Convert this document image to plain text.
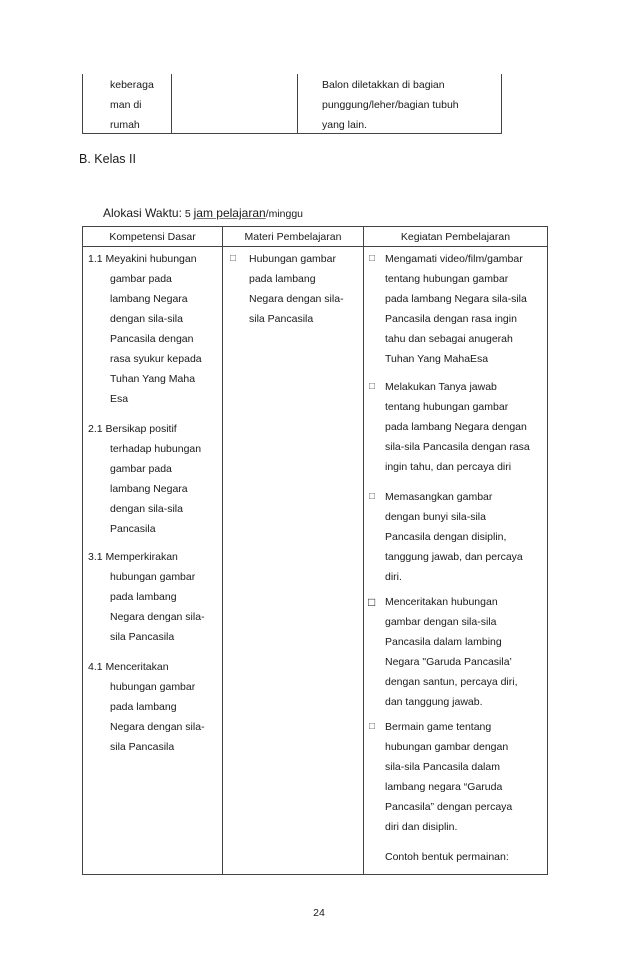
keberaga
man di
rumah
Balon diletakkan di bagian
punggung/leher/bagian tubuh
yang lain.
B. Kelas II

Alokasi Waktu: 5 jam pelajaran/minggu

Kompetensi Dasar	Materi Pembelajaran	Kegiatan Pembelajaran
1.1 Meyakini hubungan
gambar pada
lambang Negara
dengan sila-sila
Pancasila dengan
rasa syukur kepada
Tuhan Yang Maha
Esa
2.1 Bersikap positif
terhadap hubungan
gambar pada
lambang Negara
dengan sila-sila
Pancasila
3.1 Memperkirakan
hubungan gambar
pada lambang
Negara dengan sila-
sila Pancasila
4.1 Menceritakan
hubungan gambar
pada lambang
Negara dengan sila-
sila Pancasila
□ Hubungan gambar
pada lambang
Negara dengan sila-
sila Pancasila
□ Mengamati video/film/gambar
tentang hubungan gambar
pada lambang Negara sila-sila
Pancasila dengan rasa ingin
tahu dan sebagai anugerah
Tuhan Yang MahaEsa
□ Melakukan Tanya jawab
tentang hubungan gambar
pada lambang Negara dengan
sila-sila Pancasila dengan rasa
ingin tahu, dan percaya diri
□ Memasangkan gambar
dengan bunyi sila-sila
Pancasila dengan disiplin,
tanggung jawab, dan percaya
diri.
□ Menceritakan hubungan
gambar dengan sila-sila
Pancasila dalam lambing
Negara "Garuda Pancasila’
dengan santun, percaya diri,
dan tanggung jawab.
□ Bermain game tentang
hubungan gambar dengan
sila-sila Pancasila dalam
lambang negara “Garuda
Pancasila” dengan percaya
diri dan disiplin.
Contoh bentuk permainan:
24
